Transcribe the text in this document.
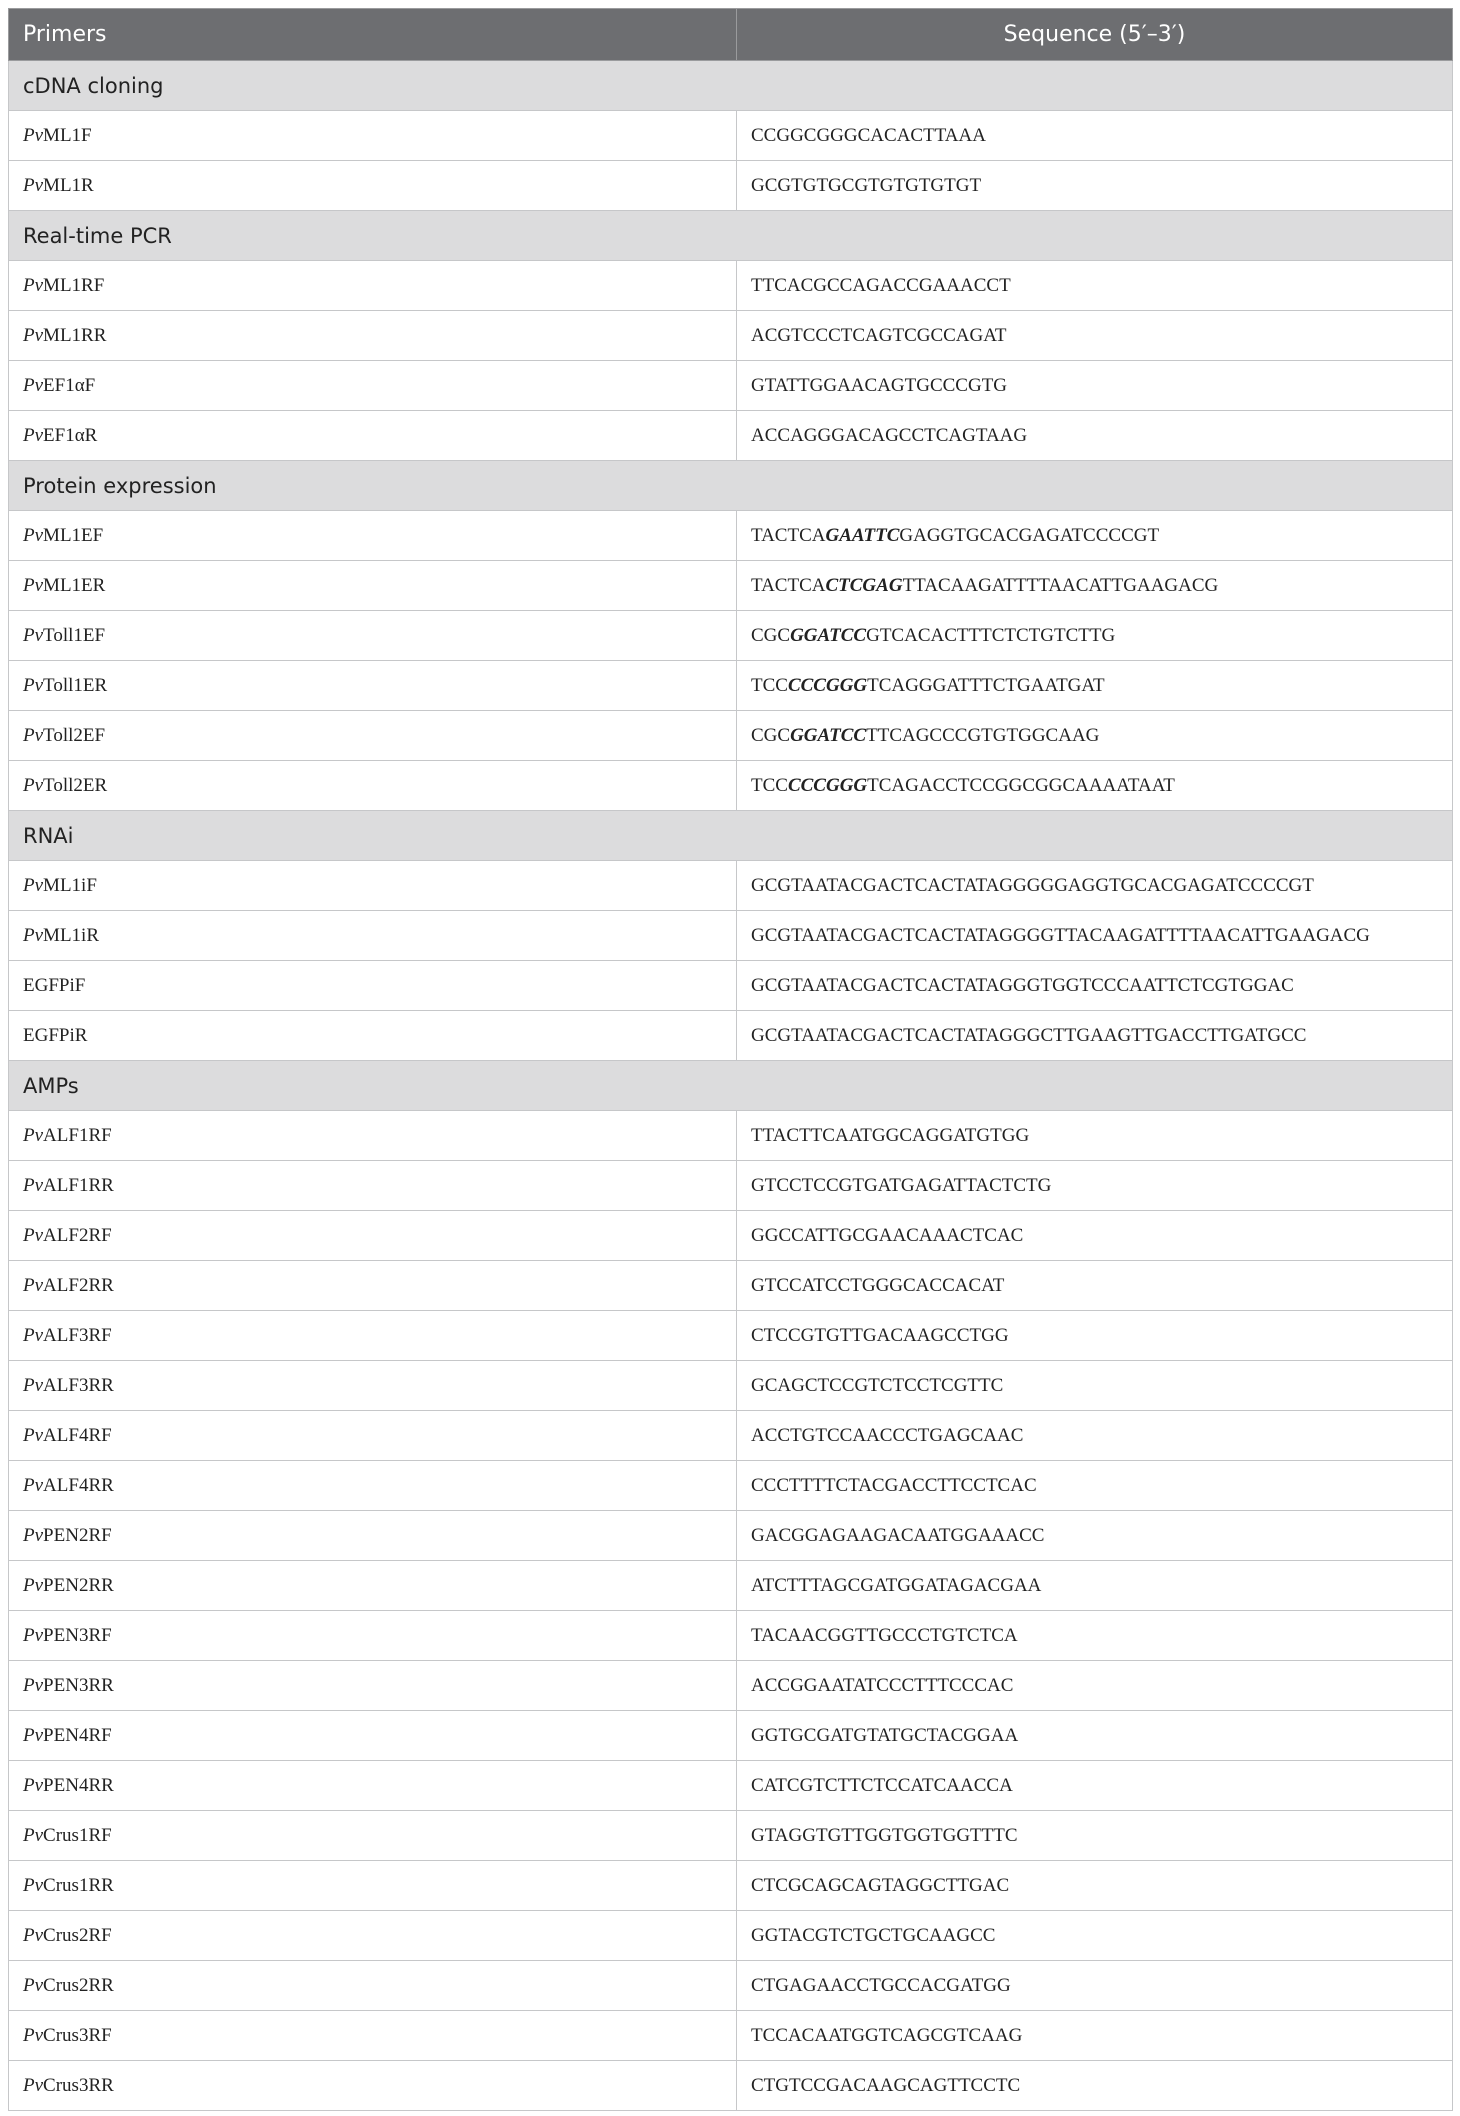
Primers	Sequence (5′–3′)
cDNA cloning	
PvML1F	CCGGCGGGCACACTTAAA
PvML1R	GCGTGTGCGTGTGTGTGT
Real-time PCR	
PvML1RF	TTCACGCCAGACCGAAACCT
PvML1RR	ACGTCCCTCAGTCGCCAGAT
PvEF1αF	GTATTGGAACAGTGCCCGTG
PvEF1αR	ACCAGGGACAGCCTCAGTAAG
Protein expression	
PvML1EF	TACTCAGAATTCGAGGTGCACGAGATCCCCGT
PvML1ER	TACTCACTCGAGTTACAAGATTTTAACATTGAAGACG
PvToll1EF	CGCGGATCCGTCACACTTTCTCTGTCTTG
PvToll1ER	TCCCCCGGGTCAGGGATTTCTGAATGAT
PvToll2EF	CGCGGATCCTTCAGCCCGTGTGGCAAG
PvToll2ER	TCCCCCGGGTCAGACCTCCGGCGGCAAAATAAT
RNAi	
PvML1iF	GCGTAATACGACTCACTATAGGGGGAGGTGCACGAGATCCCCGT
PvML1iR	GCGTAATACGACTCACTATAGGGGTTACAAGATTTTAACATTGAAGACG
EGFPiF	GCGTAATACGACTCACTATAGGGTGGTCCCAATTCTCGTGGAC
EGFPiR	GCGTAATACGACTCACTATAGGGCTTGAAGTTGACCTTGATGCC
AMPs	
PvALF1RF	TTACTTCAATGGCAGGATGTGG
PvALF1RR	GTCCTCCGTGATGAGATTACTCTG
PvALF2RF	GGCCATTGCGAACAAACTCAC
PvALF2RR	GTCCATCCTGGGCACCACAT
PvALF3RF	CTCCGTGTTGACAAGCCTGG
PvALF3RR	GCAGCTCCGTCTCCTCGTTC
PvALF4RF	ACCTGTCCAACCCTGAGCAAC
PvALF4RR	CCCTTTTCTACGACCTTCCTCAC
PvPEN2RF	GACGGAGAAGACAATGGAAACC
PvPEN2RR	ATCTTTAGCGATGGATAGACGAA
PvPEN3RF	TACAACGGTTGCCCTGTCTCA
PvPEN3RR	ACCGGAATATCCCTTTCCCAC
PvPEN4RF	GGTGCGATGTATGCTACGGAA
PvPEN4RR	CATCGTCTTCTCCATCAACCA
PvCrus1RF	GTAGGTGTTGGTGGTGGTTTC
PvCrus1RR	CTCGCAGCAGTAGGCTTGAC
PvCrus2RF	GGTACGTCTGCTGCAAGCC
PvCrus2RR	CTGAGAACCTGCCACGATGG
PvCrus3RF	TCCACAATGGTCAGCGTCAAG
PvCrus3RR	CTGTCCGACAAGCAGTTCCTC
